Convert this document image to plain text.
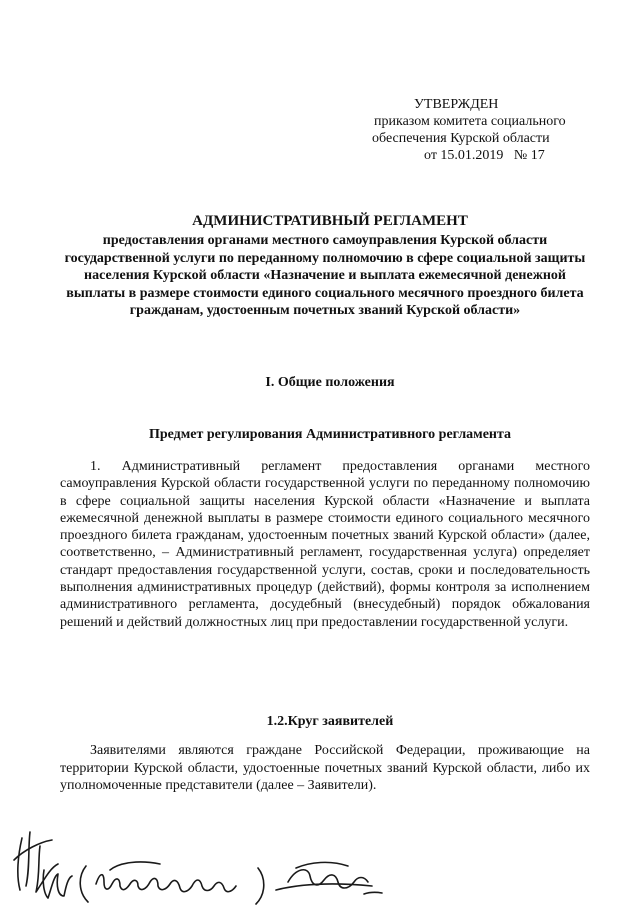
УТВЕРЖДЕН
приказом комитета социального
обеспечения Курской области
от 15.01.2019   № 17
АДМИНИСТРАТИВНЫЙ РЕГЛАМЕНТ
предоставления органами местного самоуправления Курской области государственной услуги по переданному полномочию в сфере социальной защиты населения Курской области «Назначение и выплата ежемесячной денежной выплаты в размере стоимости единого социального месячного проездного билета гражданам, удостоенным почетных званий Курской области»
I. Общие положения
Предмет регулирования Административного регламента
1. Административный регламент предоставления органами местного самоуправления Курской области государственной услуги по переданному полномочию в сфере социальной защиты населения Курской области «Назначение и выплата ежемесячной денежной выплаты в размере стоимости единого социального месячного проездного билета гражданам, удостоенным почетных званий Курской области» (далее, соответственно, – Административный регламент, государственная услуга) определяет стандарт предоставления государственной услуги, состав, сроки и последовательность выполнения административных процедур (действий), формы контроля за исполнением административного регламента, досудебный (внесудебный) порядок обжалования решений и действий должностных лиц при предоставлении государственной услуги.
1.2.Круг заявителей
Заявителями являются граждане Российской Федерации, проживающие на территории Курской области, удостоенные почетных званий Курской области, либо их уполномоченные представители (далее – Заявители).
